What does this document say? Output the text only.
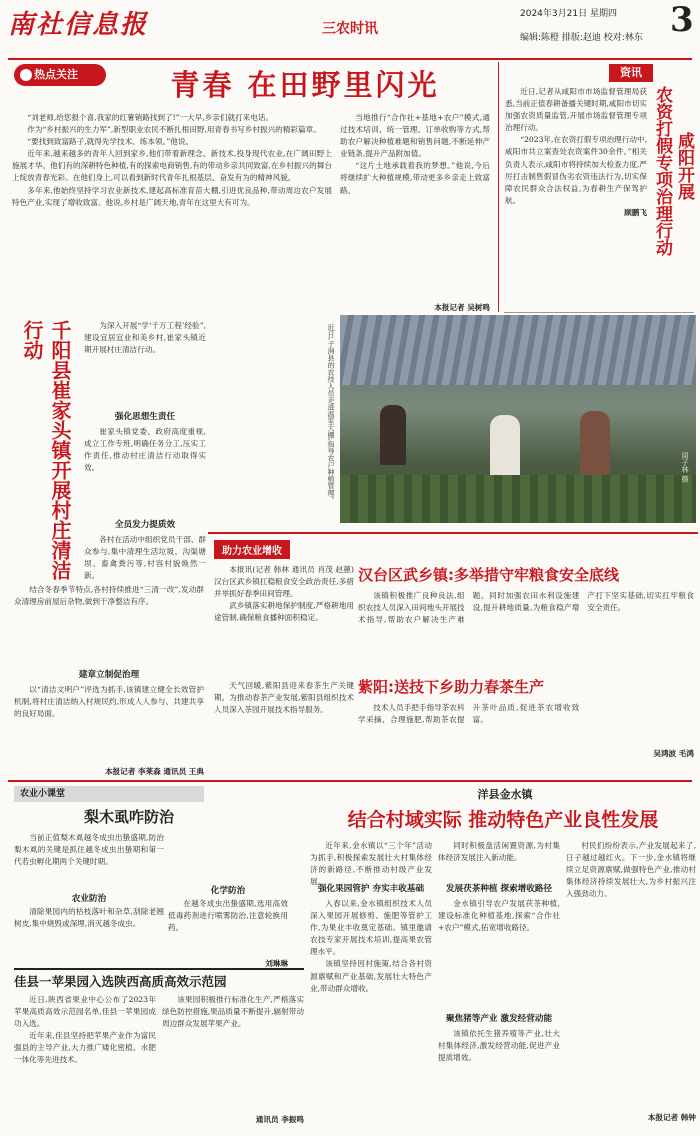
南社信息报	三农时讯
2024年3月21日 星期四
编辑:陈橙 排版:赵迪 校对:林东 3
热点关注	青春 在田野里闪光

“刘老师,给您报个喜,我家的红薯销路找到了!”一大早,乡亲们就打来电话。

作为“乡村振兴的生力军”,新型职业农民不断扎根田野,用青春书写乡村振兴的精彩篇章。

“要找到致富路子,就得先学技术、练本领。”他说。

近年来,越来越多的青年人回到家乡,他们带着新理念、新技术,投身现代农业,在广阔田野上施展才华。他们有的深耕特色种植,有的探索电商销售,有的带动乡亲共同致富,在乡村振兴的舞台上绽放青春光彩。在他们身上,可以看到新时代青年扎根基层、奋发有为的精神风貌。

多年来,他始终坚持学习农业新技术,建起高标准育苗大棚,引进优良品种,带动周边农户发展特色产业,实现了增收致富。他说,乡村是广阔天地,青年在这里大有可为。

当地推行“合作社+基地+农户”模式,通过技术培训、统一管理、订单收购等方式,帮助农户解决种植难题和销售问题,不断延伸产业链条,提升产品附加值。

“这片土地承载着我的梦想。”他说,今后将继续扩大种植规模,带动更多乡亲走上致富路。

本报记者 吴树鸣
资讯

近日,记者从咸阳市市场监督管理局获悉,当前正值春耕备播关键时期,咸阳市切实加强农资质量监管,开展市场监督管理专项治理行动。

“2023年,在农资打假专项治理行动中,咸阳市共立案查处农资案件30余件。”相关负责人表示,咸阳市将持续加大检查力度,严厉打击制售假冒伪劣农资违法行为,切实保障农民群众合法权益,为春耕生产保驾护航。

顾鹏飞 农资打假专项治理行动 咸阳开展

千阳县崔家头镇开展村庄清洁行动	为深入开展“学‘千万工程’经验”,建设宜居宜业和美乡村,崔家头镇近期开展村庄清洁行动。

强化思想生责任

崔家头镇党委、政府高度重视,成立工作专班,明确任务分工,压实工作责任,推动村庄清洁行动取得实效。

全员发力提质效

各村在活动中组织党员干部、群众参与,集中清理生活垃圾、沟渠塘坝、畜禽粪污等,村容村貌焕然一新。

结合冬春季节特点,各村持续推进“三清一改”,发动群众清理房前屋后杂物,做到干净整洁有序。

建章立制促治理

以“清洁文明户”评选为抓手,该镇建立健全长效管护机制,将村庄清洁纳入村规民约,形成人人参与、共建共享的良好局面。

本报记者 李莱森 通讯员 王典
近日,子洲县的农技人员走进温室大棚,指导农户种植管理。	周子林 摄
助力农业增收

本报讯(记者 韩林 通讯员 肖茂 赵蕙)汉台区武乡镇扛稳粮食安全政治责任,多措并举抓好春季田间管理。

武乡镇落实耕地保护制度,严格耕地用途管制,确保粮食播种面积稳定。

汉台区武乡镇:多举措守牢粮食安全底线

该镇积极推广良种良法,组织农技人员深入田间地头开展技术指导,帮助农户解决生产难题。同时加强农田水利设施建设,提升耕地质量,为粮食稳产增产打下坚实基础,切实扛牢粮食安全责任。

紫阳:送技下乡助力春茶生产

天气回暖,紫阳县迎来春茶生产关键期。为推动春茶产业发展,紫阳县组织技术人员深入茶园开展技术指导服务。	技术人员手把手指导茶农科学采摘、合理施肥,帮助茶农提升茶叶品质,促进茶农增收致富。

吴鸿波 毛鸿
农业小课堂
梨木虱咋防治

当前正值梨木虱越冬成虫出蛰盛期,防治梨木虱的关键是抓住越冬成虫出蛰期和第一代若虫孵化期两个关键时期。

农业防治

清除果园内的枯枝落叶和杂草,刮除老翘树皮,集中烧毁或深埋,消灭越冬成虫。

化学防治

在越冬成虫出蛰盛期,选用高效低毒药剂进行喷雾防治,注意轮换用药。

刘琳琳
佳县一苹果园入选陕西高质高效示范园

近日,陕西省果业中心公布了2023年苹果高质高效示范园名单,佳县一苹果园成功入选。

近年来,佳县坚持把苹果产业作为富民强县的主导产业,大力推广矮化密植、水肥一体化等先进技术。

该果园积极推行标准化生产,严格落实绿色防控措施,果品质量不断提升,辐射带动周边群众发展苹果产业。

通讯员 李振鸣
洋县金水镇
结合村域实际 推动特色产业良性发展

近年来,金水镇以“三个年”活动为抓手,积极探索发展壮大村集体经济的新路径,不断推动村级产业发展。

强化果园管护 夯实丰收基础

入春以来,金水镇组织技术人员深入果园开展修剪、施肥等管护工作,为果业丰收奠定基础。镇里邀请农技专家开展技术培训,提高果农管理水平。

该镇坚持因村施策,结合各村资源禀赋和产业基础,发展壮大特色产业,带动群众增收。

同时积极盘活闲置资源,为村集体经济发展注入新动能。

发展茯茶种植 探索增收路径

金水镇引导农户发展茯茶种植,建设标准化种植基地,探索“合作社+农户”模式,拓宽增收路径。

聚焦猪等产业 激发经营动能

该镇依托生猪养殖等产业,壮大村集体经济,激发经营动能,促进产业提质增效。

村民们纷纷表示,产业发展起来了,日子越过越红火。下一步,金水镇将继续立足资源禀赋,做强特色产业,推动村集体经济持续发展壮大,为乡村振兴注入强劲动力。

本报记者 韩钟
